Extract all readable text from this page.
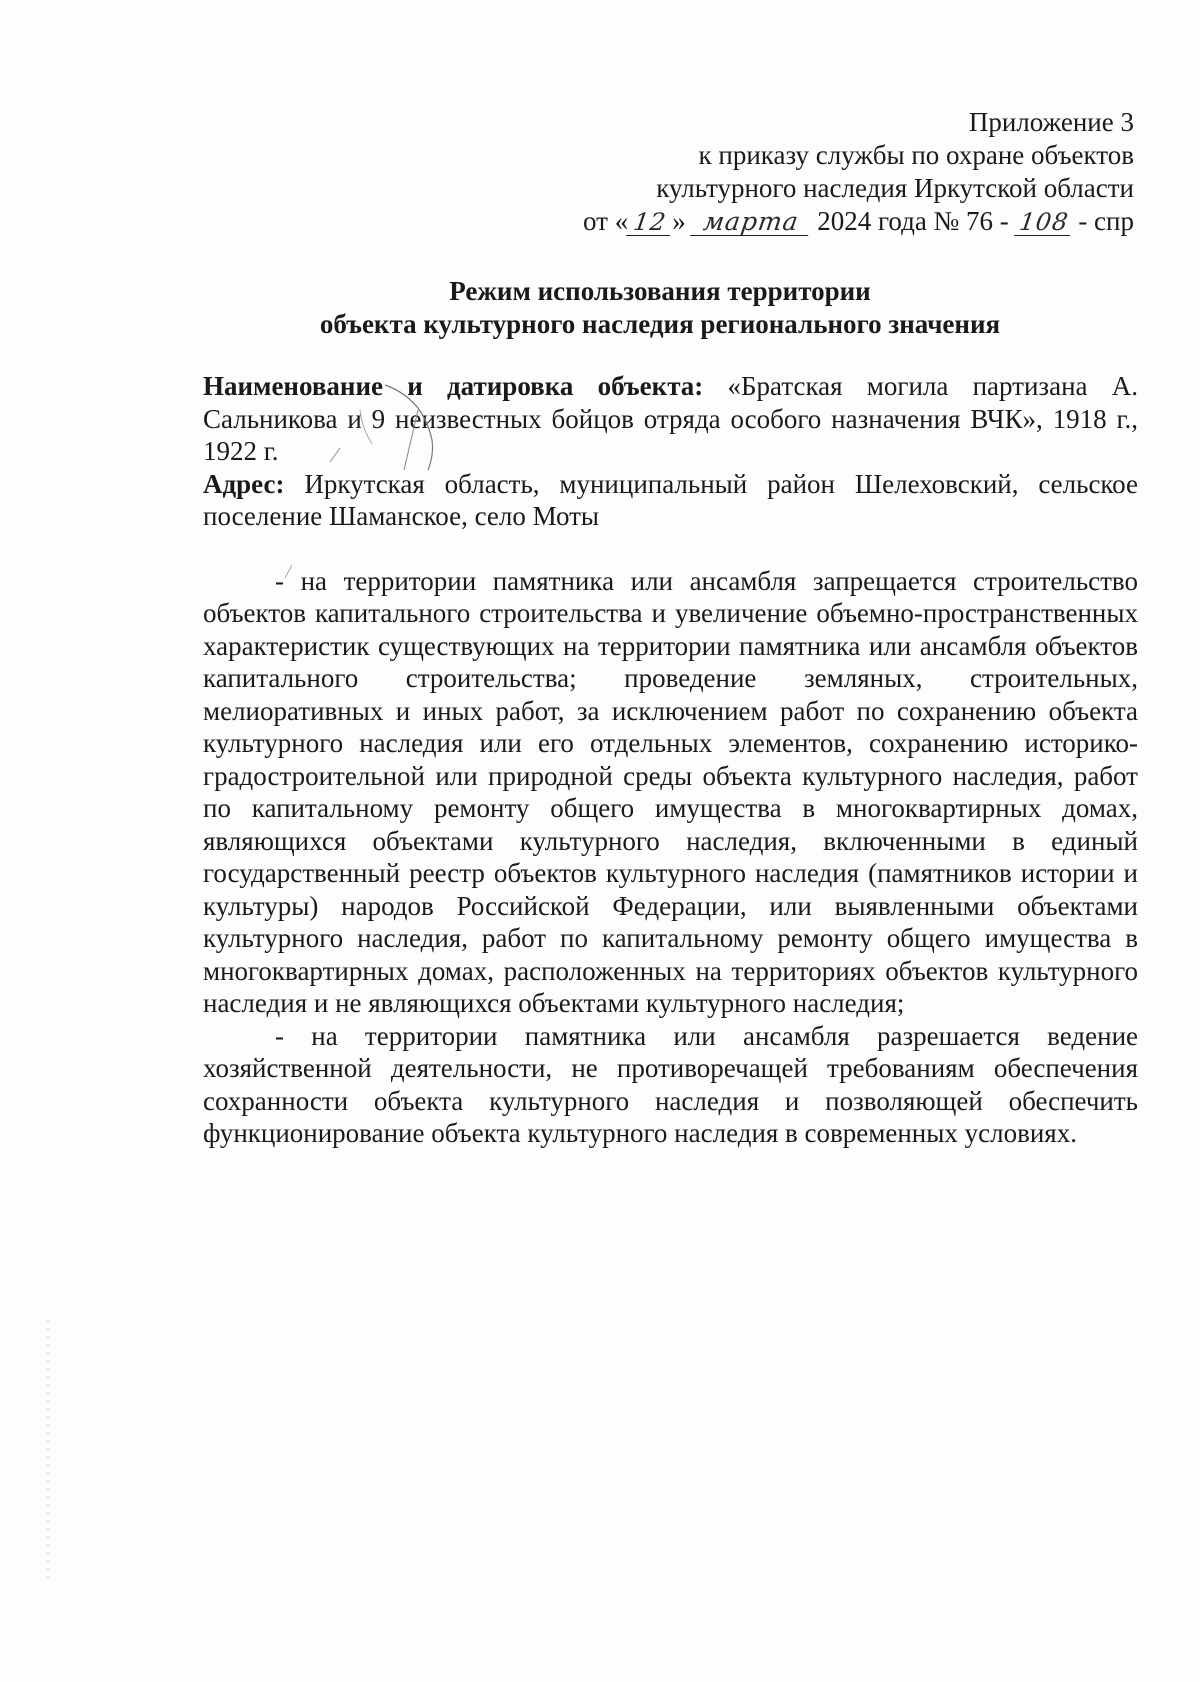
Приложение 3
к приказу службы по охране объектов
культурного наследия Иркутской области
от « 12 » марта 2024 года № 76 - 108 - спр
Режим использования территории
объекта культурного наследия регионального значения

Наименование и датировка объекта: «Братская могила партизана А. Сальникова и 9 неизвестных бойцов отряда особого назначения ВЧК», 1918 г., 1922 г.

Адрес: Иркутская область, муниципальный район Шелеховский, сельское поселение Шаманское, село Моты

- на территории памятника или ансамбля запрещается строительство объектов капитального строительства и увеличение объемно-пространственных характеристик существующих на территории памятника или ансамбля объектов капитального строительства; проведение земляных, строительных, мелиоративных и иных работ, за исключением работ по сохранению объекта культурного наследия или его отдельных элементов, сохранению историко-градостроительной или природной среды объекта культурного наследия, работ по капитальному ремонту общего имущества в многоквартирных домах, являющихся объектами культурного наследия, включенными в единый государственный реестр объектов культурного наследия (памятников истории и культуры) народов Российской Федерации, или выявленными объектами культурного наследия, работ по капитальному ремонту общего имущества в многоквартирных домах, расположенных на территориях объектов культурного наследия и не являющихся объектами культурного наследия;

- на территории памятника или ансамбля разрешается ведение хозяйственной деятельности, не противоречащей требованиям обеспечения сохранности объекта культурного наследия и позволяющей обеспечить функционирование объекта культурного наследия в современных условиях.
